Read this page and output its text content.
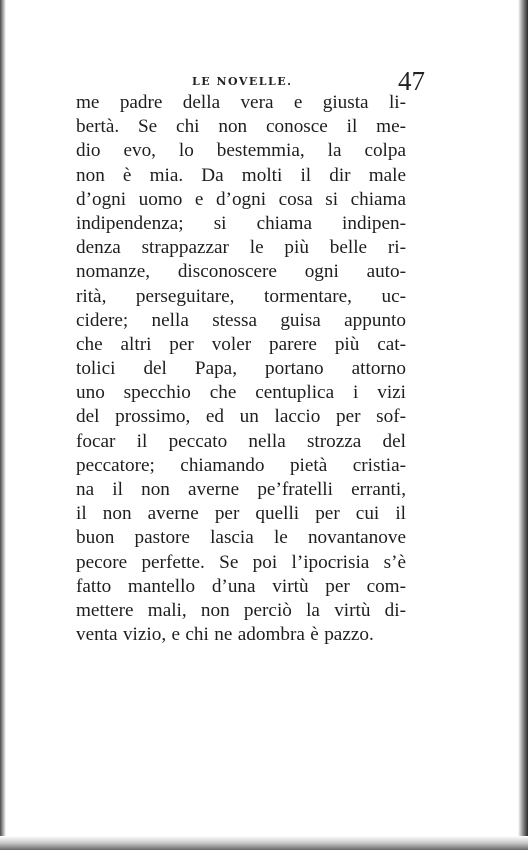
LE NOVELLE.	47
me padre della vera e giusta li-
bertà. Se chi non conosce il me-
dio evo, lo bestemmia, la colpa
non è mia. Da molti il dir male
d’ogni uomo e d’ogni cosa si chiama
indipendenza; si chiama indipen-
denza strappazzar le più belle ri-
nomanze, disconoscere ogni auto-
rità, perseguitare, tormentare, uc-
cidere; nella stessa guisa appunto
che altri per voler parere più cat-
tolici del Papa, portano attorno
uno specchio che centuplica i vizi
del prossimo, ed un laccio per sof-
focar il peccato nella strozza del
peccatore; chiamando pietà cristia-
na il non averne pe’fratelli erranti,
il non averne per quelli per cui il
buon pastore lascia le novantanove
pecore perfette. Se poi l’ipocrisia s’è
fatto mantello d’una virtù per com-
mettere mali, non perciò la virtù di-
venta vizio, e chi ne adombra è pazzo.
